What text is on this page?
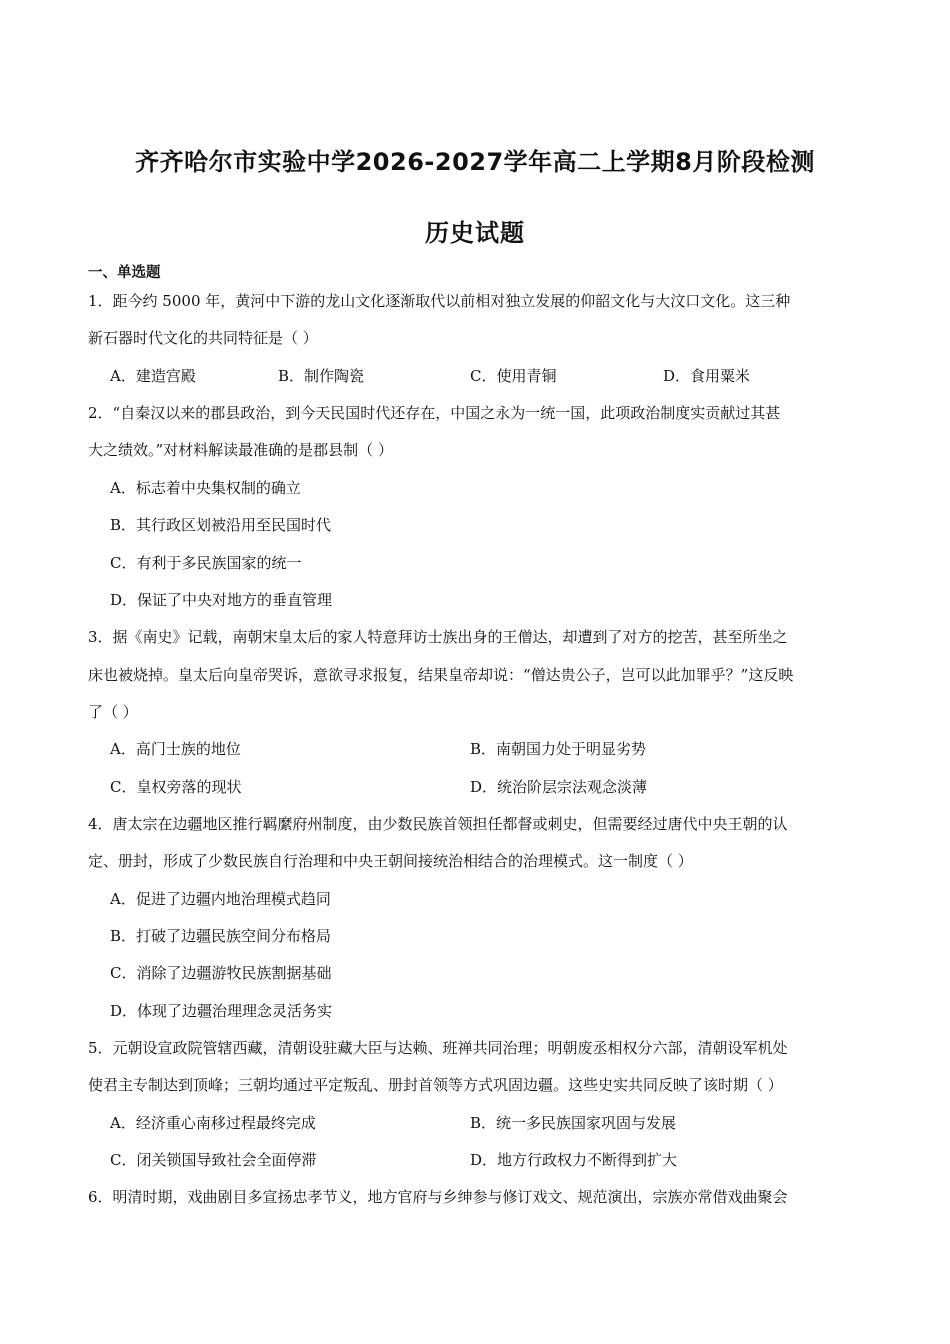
齐齐哈尔市实验中学2026-2027学年高二上学期8月阶段检测
历史试题
一、单选题
1．距今约 5000 年，黄河中下游的龙山文化逐渐取代以前相对独立发展的仰韶文化与大汶口文化。这三种
新石器时代文化的共同特征是（ ）
A．建造宫殿	B．制作陶瓷	C．使用青铜	D．食用粟米
2．“自秦汉以来的郡县政治，到今天民国时代还存在，中国之永为一统一国，此项政治制度实贡献过其甚
大之绩效。”对材料解读最准确的是郡县制（ ）
A．标志着中央集权制的确立
B．其行政区划被沿用至民国时代
C．有利于多民族国家的统一
D．保证了中央对地方的垂直管理
3．据《南史》记载，南朝宋皇太后的家人特意拜访士族出身的王僧达，却遭到了对方的挖苦，甚至所坐之
床也被烧掉。皇太后向皇帝哭诉，意欲寻求报复，结果皇帝却说：“僧达贵公子，岂可以此加罪乎？”这反映
了（ ）
A．高门士族的地位	B．南朝国力处于明显劣势
C．皇权旁落的现状	D．统治阶层宗法观念淡薄
4．唐太宗在边疆地区推行羁縻府州制度，由少数民族首领担任都督或刺史，但需要经过唐代中央王朝的认
定、册封，形成了少数民族自行治理和中央王朝间接统治相结合的治理模式。这一制度（ ）
A．促进了边疆内地治理模式趋同
B．打破了边疆民族空间分布格局
C．消除了边疆游牧民族割据基础
D．体现了边疆治理理念灵活务实
5．元朝设宣政院管辖西藏，清朝设驻藏大臣与达赖、班禅共同治理；明朝废丞相权分六部，清朝设军机处
使君主专制达到顶峰；三朝均通过平定叛乱、册封首领等方式巩固边疆。这些史实共同反映了该时期（ ）
A．经济重心南移过程最终完成	B．统一多民族国家巩固与发展
C．闭关锁国导致社会全面停滞	D．地方行政权力不断得到扩大
6．明清时期，戏曲剧目多宣扬忠孝节义，地方官府与乡绅参与修订戏文、规范演出，宗族亦常借戏曲聚会
